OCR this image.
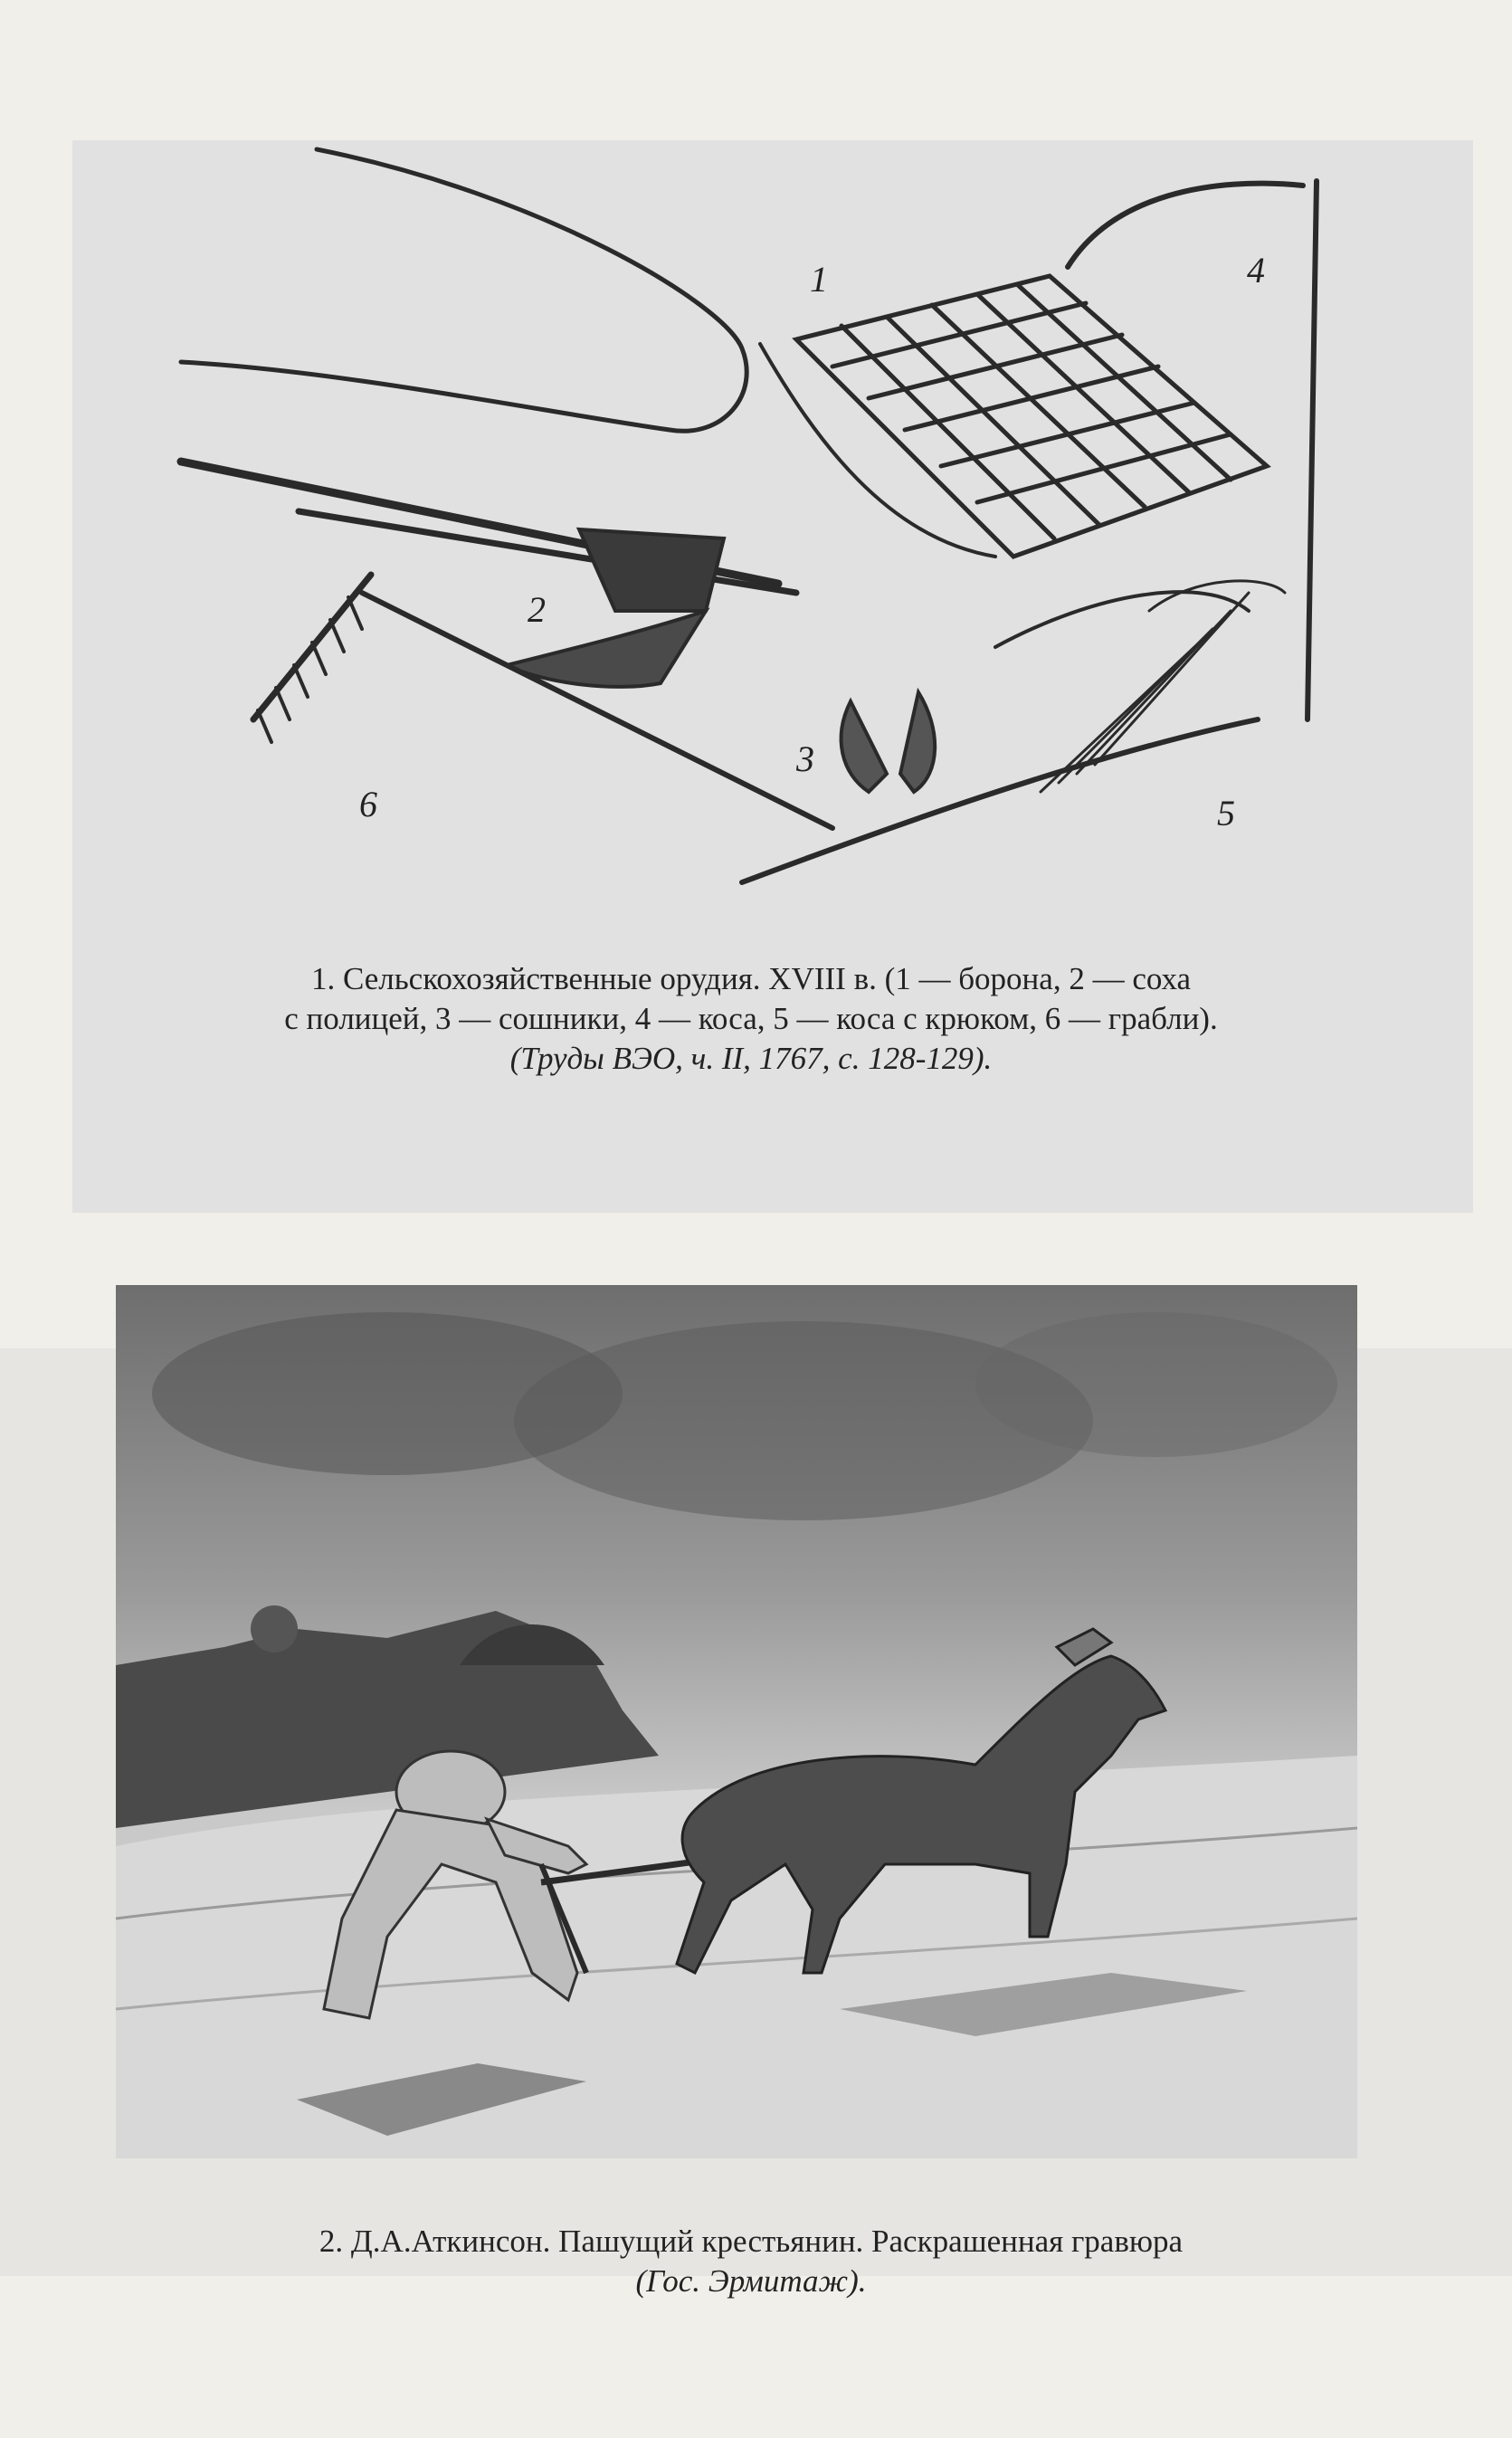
1
2
3
4
5
6
1. Сельскохозяйственные орудия. XVIII в. (1 — борона, 2 — соха
с полицей, 3 — сошники, 4 — коса, 5 — коса с крюком, 6 — грабли).
(Труды ВЭО, ч. II, 1767, с. 128-129).
2. Д.А.Аткинсон. Пашущий крестьянин. Раскрашенная гравюра
(Гос. Эрмитаж).
